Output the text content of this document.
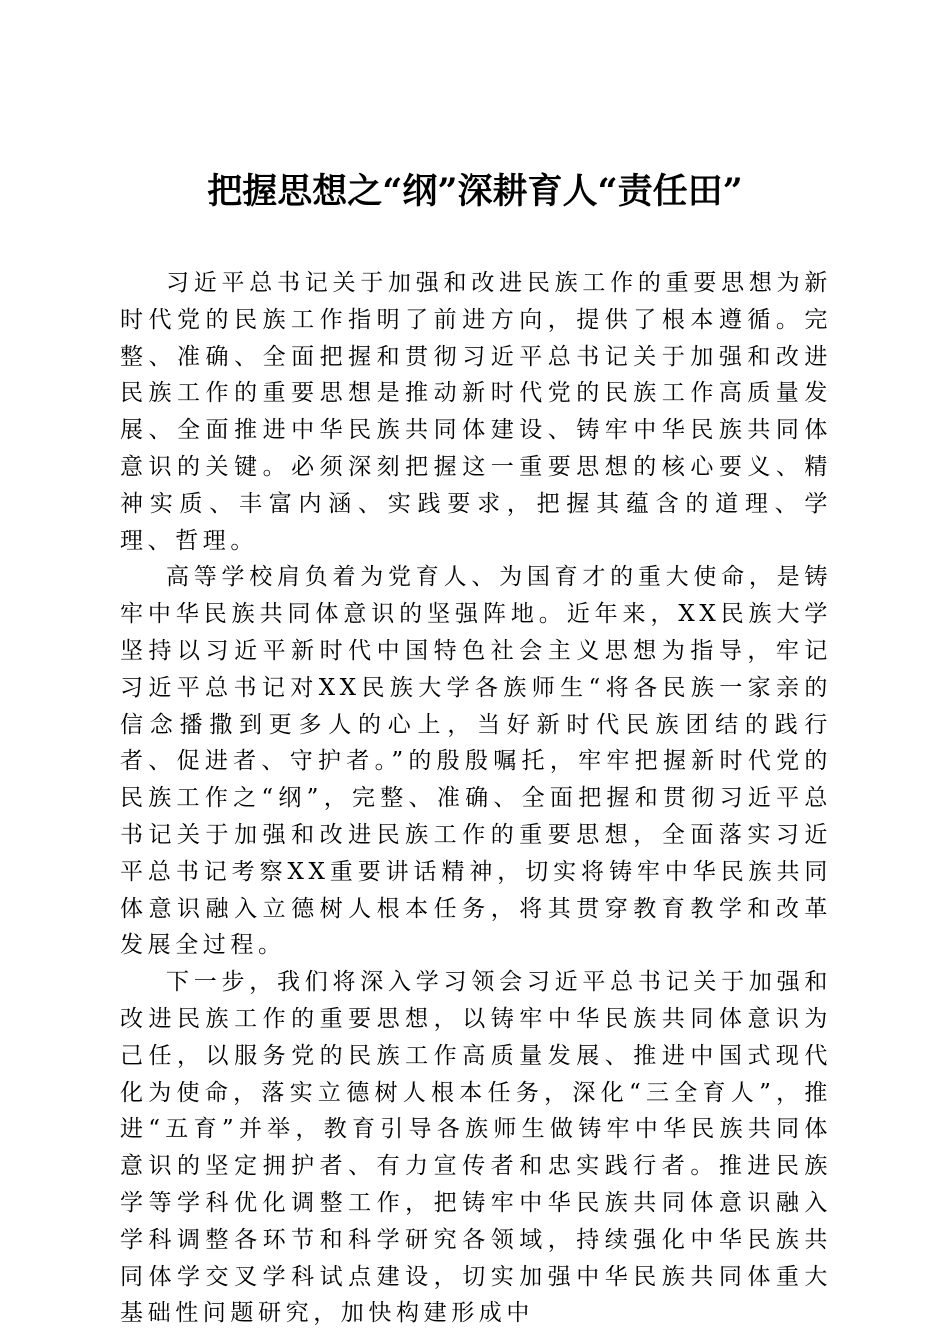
把握思想之“纲”深耕育人“责任田”

习近平总书记关于加强和改进民族工作的重要思想为新时代党的民族工作指明了前进方向，提供了根本遵循。完整、准确、全面把握和贯彻习近平总书记关于加强和改进民族工作的重要思想是推动新时代党的民族工作高质量发展、全面推进中华民族共同体建设、铸牢中华民族共同体意识的关键。必须深刻把握这一重要思想的核心要义、精神实质、丰富内涵、实践要求，把握其蕴含的道理、学理、哲理。

高等学校肩负着为党育人、为国育才的重大使命，是铸牢中华民族共同体意识的坚强阵地。近年来，XX民族大学坚持以习近平新时代中国特色社会主义思想为指导，牢记习近平总书记对XX民族大学各族师生“将各民族一家亲的信念播撒到更多人的心上，当好新时代民族团结的践行者、促进者、守护者。”的殷殷嘱托，牢牢把握新时代党的民族工作之“纲”，完整、准确、全面把握和贯彻习近平总书记关于加强和改进民族工作的重要思想，全面落实习近平总书记考察XX重要讲话精神，切实将铸牢中华民族共同体意识融入立德树人根本任务，将其贯穿教育教学和改革发展全过程。

下一步，我们将深入学习领会习近平总书记关于加强和改进民族工作的重要思想，以铸牢中华民族共同体意识为己任，以服务党的民族工作高质量发展、推进中国式现代化为使命，落实立德树人根本任务，深化“三全育人”，推进“五育”并举，教育引导各族师生做铸牢中华民族共同体意识的坚定拥护者、有力宣传者和忠实践行者。推进民族学等学科优化调整工作，把铸牢中华民族共同体意识融入学科调整各环节和科学研究各领域，持续强化中华民族共同体学交叉学科试点建设，切实加强中华民族共同体重大基础性问题研究，加快构建形成中
